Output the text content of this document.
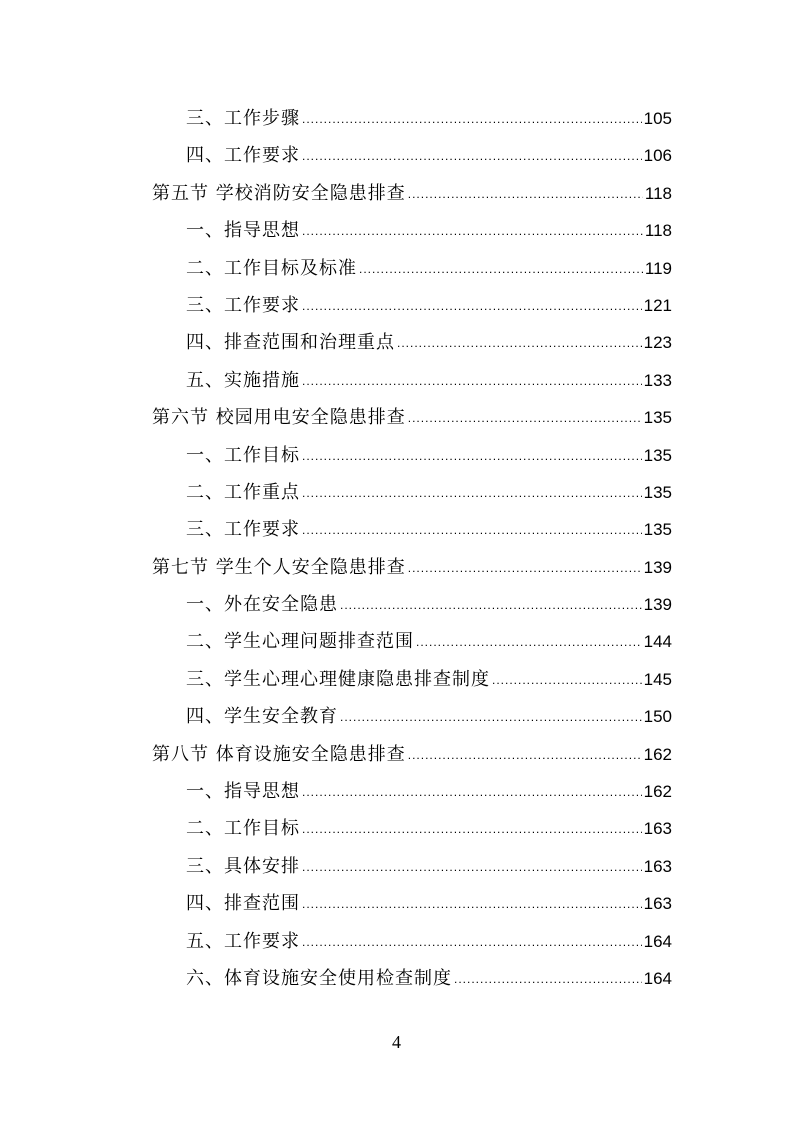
三、工作步骤 .....	105
四、工作要求 .....	106
第五节 学校消防安全隐患排查 .....	118
一、指导思想 .....	118
二、工作目标及标准 .....	119
三、工作要求 .....	121
四、排查范围和治理重点 .....	123
五、实施措施 .....	133
第六节 校园用电安全隐患排查 .....	135
一、工作目标 .....	135
二、工作重点 .....	135
三、工作要求 .....	135
第七节 学生个人安全隐患排查 .....	139
一、外在安全隐患 .....	139
二、学生心理问题排查范围 .....	144
三、学生心理心理健康隐患排查制度 .....	145
四、学生安全教育 .....	150
第八节 体育设施安全隐患排查 .....	162
一、指导思想 .....	162
二、工作目标 .....	163
三、具体安排 .....	163
四、排查范围 .....	163
五、工作要求 .....	164
六、体育设施安全使用检查制度 .....	164
4
